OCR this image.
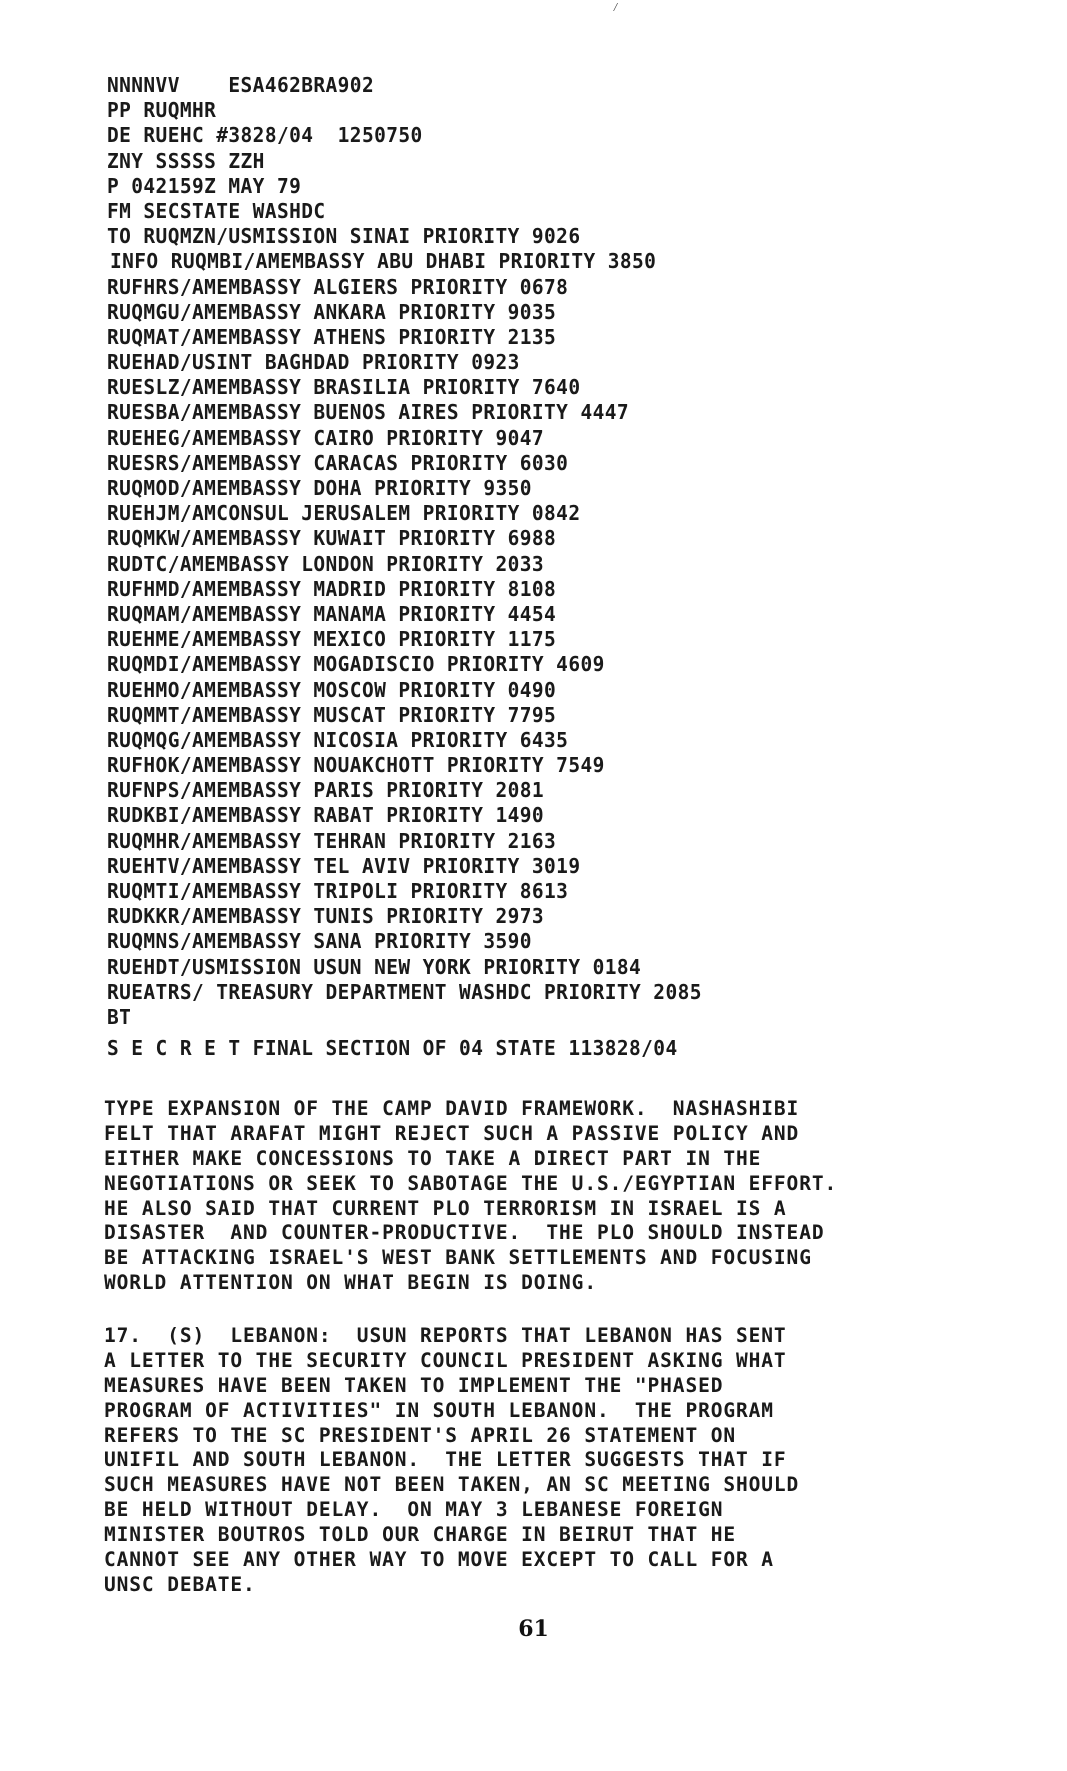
⁄
NNNNVV    ESA462BRA902
PP RUQMHR
DE RUEHC #3828/04  1250750
ZNY SSSSS ZZH
P 042159Z MAY 79
FM SECSTATE WASHDC
TO RUQMZN/USMISSION SINAI PRIORITY 9026
INFO RUQMBI/AMEMBASSY ABU DHABI PRIORITY 3850
RUFHRS/AMEMBASSY ALGIERS PRIORITY 0678
RUQMGU/AMEMBASSY ANKARA PRIORITY 9035
RUQMAT/AMEMBASSY ATHENS PRIORITY 2135
RUEHAD/USINT BAGHDAD PRIORITY 0923
RUESLZ/AMEMBASSY BRASILIA PRIORITY 7640
RUESBA/AMEMBASSY BUENOS AIRES PRIORITY 4447
RUEHEG/AMEMBASSY CAIRO PRIORITY 9047
RUESRS/AMEMBASSY CARACAS PRIORITY 6030
RUQMOD/AMEMBASSY DOHA PRIORITY 9350
RUEHJM/AMCONSUL JERUSALEM PRIORITY 0842
RUQMKW/AMEMBASSY KUWAIT PRIORITY 6988
RUDTC/AMEMBASSY LONDON PRIORITY 2033
RUFHMD/AMEMBASSY MADRID PRIORITY 8108
RUQMAM/AMEMBASSY MANAMA PRIORITY 4454
RUEHME/AMEMBASSY MEXICO PRIORITY 1175
RUQMDI/AMEMBASSY MOGADISCIO PRIORITY 4609
RUEHMO/AMEMBASSY MOSCOW PRIORITY 0490
RUQMMT/AMEMBASSY MUSCAT PRIORITY 7795
RUQMQG/AMEMBASSY NICOSIA PRIORITY 6435
RUFHOK/AMEMBASSY NOUAKCHOTT PRIORITY 7549
RUFNPS/AMEMBASSY PARIS PRIORITY 2081
RUDKBI/AMEMBASSY RABAT PRIORITY 1490
RUQMHR/AMEMBASSY TEHRAN PRIORITY 2163
RUEHTV/AMEMBASSY TEL AVIV PRIORITY 3019
RUQMTI/AMEMBASSY TRIPOLI PRIORITY 8613
RUDKKR/AMEMBASSY TUNIS PRIORITY 2973
RUQMNS/AMEMBASSY SANA PRIORITY 3590
RUEHDT/USMISSION USUN NEW YORK PRIORITY 0184
RUEATRS/ TREASURY DEPARTMENT WASHDC PRIORITY 2085
BT
S E C R E T FINAL SECTION OF 04 STATE 113828/04
TYPE EXPANSION OF THE CAMP DAVID FRAMEWORK.  NASHASHIBI
FELT THAT ARAFAT MIGHT REJECT SUCH A PASSIVE POLICY AND
EITHER MAKE CONCESSIONS TO TAKE A DIRECT PART IN THE
NEGOTIATIONS OR SEEK TO SABOTAGE THE U.S./EGYPTIAN EFFORT.
HE ALSO SAID THAT CURRENT PLO TERRORISM IN ISRAEL IS A
DISASTER  AND COUNTER-PRODUCTIVE.  THE PLO SHOULD INSTEAD
BE ATTACKING ISRAEL'S WEST BANK SETTLEMENTS AND FOCUSING
WORLD ATTENTION ON WHAT BEGIN IS DOING.
17.  (S)  LEBANON:  USUN REPORTS THAT LEBANON HAS SENT
A LETTER TO THE SECURITY COUNCIL PRESIDENT ASKING WHAT
MEASURES HAVE BEEN TAKEN TO IMPLEMENT THE "PHASED
PROGRAM OF ACTIVITIES" IN SOUTH LEBANON.  THE PROGRAM
REFERS TO THE SC PRESIDENT'S APRIL 26 STATEMENT ON
UNIFIL AND SOUTH LEBANON.  THE LETTER SUGGESTS THAT IF
SUCH MEASURES HAVE NOT BEEN TAKEN, AN SC MEETING SHOULD
BE HELD WITHOUT DELAY.  ON MAY 3 LEBANESE FOREIGN
MINISTER BOUTROS TOLD OUR CHARGE IN BEIRUT THAT HE
CANNOT SEE ANY OTHER WAY TO MOVE EXCEPT TO CALL FOR A
UNSC DEBATE.
61
